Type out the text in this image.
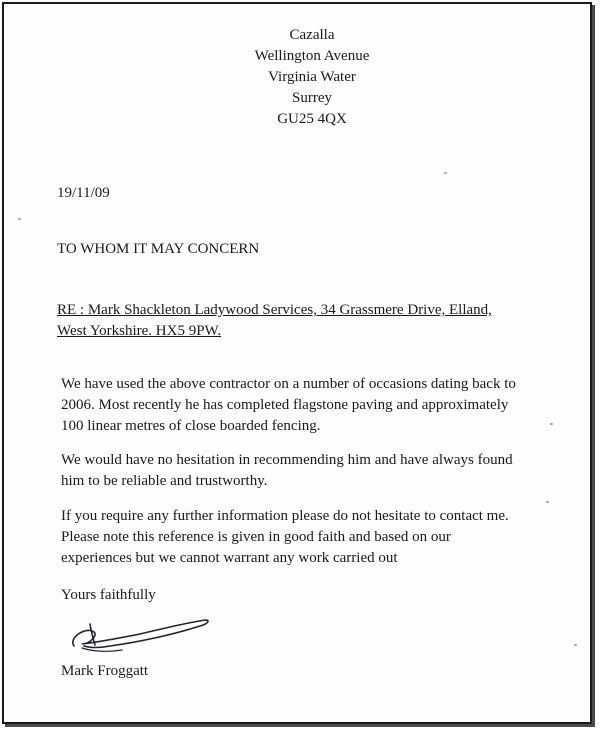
Cazalla
Wellington Avenue
Virginia Water
Surrey
GU25 4QX
19/11/09
TO WHOM IT MAY CONCERN
RE : Mark Shackleton Ladywood Services, 34 Grassmere Drive, Elland,
West Yorkshire. HX5 9PW.
We have used the above contractor on a number of occasions dating back to
2006. Most recently he has completed flagstone paving and approximately
100 linear metres of close boarded fencing.
We would have no hesitation in recommending him and have always found
him to be reliable and trustworthy.
If you require any further information please do not hesitate to contact me.
Please note this reference is given in good faith and based on our
experiences but we cannot warrant any work carried out
Yours faithfully
Mark Froggatt
